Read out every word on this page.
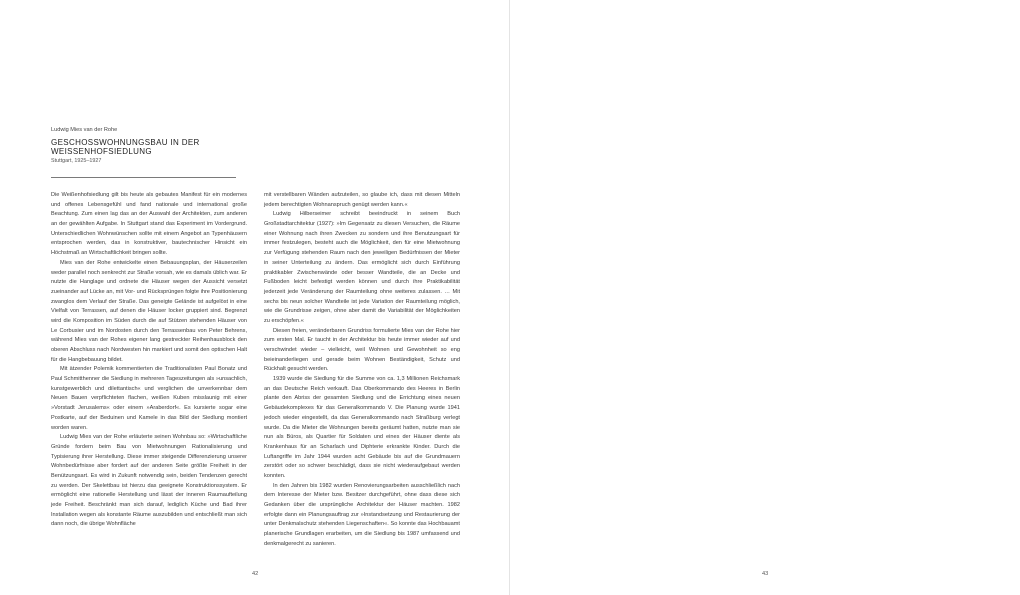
Ludwig Mies van der Rohe
GESCHOSSWOHNUNGSBAU IN DER
WEISSENHOFSIEDLUNG
Stuttgart, 1925–1927

Die Weißenhofsiedlung gilt bis heute als gebautes Manifest für ein modernes und offenes Lebensgefühl und fand nationale und international große Beachtung. Zum einen lag das an der Auswahl der Architekten, zum anderen an der gewählten Aufgabe. In Stuttgart stand das Experiment im Vordergrund. Unterschiedlichen Wohnwünschen sollte mit einem Angebot an Typenhäusern entsprochen werden, das in konstruktiver, bautechnischer Hinsicht ein Höchstmaß an Wirtschaftlichkeit bringen sollte.

Mies van der Rohe entwickelte einen Bebauungsplan, der Häuserzeilen weder parallel noch senkrecht zur Straße vorsah, wie es damals üblich war. Er nutzte die Hanglage und ordnete die Häuser wegen der Aussicht versetzt zueinander auf Lücke an, mit Vor- und Rücksprüngen folgte ihre Positionierung zwanglos dem Verlauf der Straße. Das geneigte Gelände ist aufgelöst in eine Vielfalt von Terrassen, auf denen die Häuser locker gruppiert sind. Begrenzt wird die Komposition im Süden durch die auf Stützen stehenden Häuser von Le Corbusier und im Nordosten durch den Terrassenbau von Peter Behrens, während Mies van der Rohes eigener lang gestreckter Reihenhausblock den oberen Abschluss nach Nordwesten hin markiert und somit den optischen Halt für die Hangbebauung bildet.

Mit ätzender Polemik kommentierten die Traditionalisten Paul Bonatz und Paul Schmitthenner die Siedlung in mehreren Tageszeitungen als »unsachlich, kunstgewerblich und dilettantisch« und verglichen die unverkennbar dem Neuen Bauen verpflichteten flachen, weißen Kuben misslaunig mit einer »Vorstadt Jerusalems« oder einem »Araberdorf«. Es kursierte sogar eine Postkarte, auf der Beduinen und Kamele in das Bild der Siedlung montiert worden waren.

Ludwig Mies van der Rohe erläuterte seinen Wohnbau so: »Wirtschaftliche Gründe fordern beim Bau von Mietwohnungen Rationalisierung und Typisierung ihrer Herstellung. Diese immer steigende Differenzierung unserer Wohnbedürfnisse aber fordert auf der anderen Seite größte Freiheit in der Benützungsart. Es wird in Zukunft notwendig sein, beiden Tendenzen gerecht zu werden. Der Skelettbau ist hierzu das geeignete Konstruktionssystem. Er ermöglicht eine rationelle Herstellung und lässt der inneren Raumaufteilung jede Freiheit. Beschränkt man sich darauf, lediglich Küche und Bad ihrer Installation wegen als konstante Räume auszubilden und entschließt man sich dann noch, die übrige Wohnfläche

mit verstellbaren Wänden aufzuteilen, so glaube ich, dass mit diesen Mitteln jedem berechtigten Wohnanspruch genügt werden kann.«

Ludwig Hilberseimer schreibt beeindruckt in seinem Buch Großstadtarchitektur (1927): »Im Gegensatz zu diesen Versuchen, die Räume einer Wohnung nach ihren Zwecken zu sondern und ihre Benutzungsart für immer festzulegen, besteht auch die Möglichkeit, den für eine Mietwohnung zur Verfügung stehenden Raum nach den jeweiligen Bedürfnissen der Mieter in seiner Unterteilung zu ändern. Das ermöglicht sich durch Einführung praktikabler Zwischenwände oder besser Wandteile, die an Decke und Fußboden leicht befestigt werden können und durch ihre Praktikabilität jederzeit jede Veränderung der Raumteilung ohne weiteres zulassen. … Mit sechs bis neun solcher Wandteile ist jede Variation der Raumteilung möglich, wie die Grundrisse zeigen, ohne aber damit die Variabilität der Möglichkeiten zu erschöpfen.«

Diesen freien, veränderbaren Grundriss formulierte Mies van der Rohe hier zum ersten Mal. Er taucht in der Architektur bis heute immer wieder auf und verschwindet wieder – vielleicht, weil Wohnen und Gewohnheit so eng beieinanderliegen und gerade beim Wohnen Beständigkeit, Schutz und Rückhalt gesucht werden.

1939 wurde die Siedlung für die Summe von ca. 1,3 Millionen Reichsmark an das Deutsche Reich verkauft. Das Oberkommando des Heeres in Berlin plante den Abriss der gesamten Siedlung und die Errichtung eines neuen Gebäudekomplexes für das Generalkommando V. Die Planung wurde 1941 jedoch wieder eingestellt, da das Generalkommando nach Straßburg verlegt wurde. Da die Mieter die Wohnungen bereits geräumt hatten, nutzte man sie nun als Büros, als Quartier für Soldaten und eines der Häuser diente als Krankenhaus für an Scharlach und Diphterie erkrankte Kinder. Durch die Luftangriffe im Jahr 1944 wurden acht Gebäude bis auf die Grundmauern zerstört oder so schwer beschädigt, dass sie nicht wiederaufgebaut werden konnten.

In den Jahren bis 1982 wurden Renovierungsarbeiten ausschließlich nach dem Interesse der Mieter bzw. Besitzer durchgeführt, ohne dass diese sich Gedanken über die ursprüngliche Architektur der Häuser machten. 1982 erfolgte dann ein Planungsauftrag zur »Instandsetzung und Restaurierung der unter Denkmalschutz stehenden Liegenschaften«. So konnte das Hochbauamt planerische Grundlagen erarbeiten, um die Siedlung bis 1987 umfassend und denkmalgerecht zu sanieren.

42	43
